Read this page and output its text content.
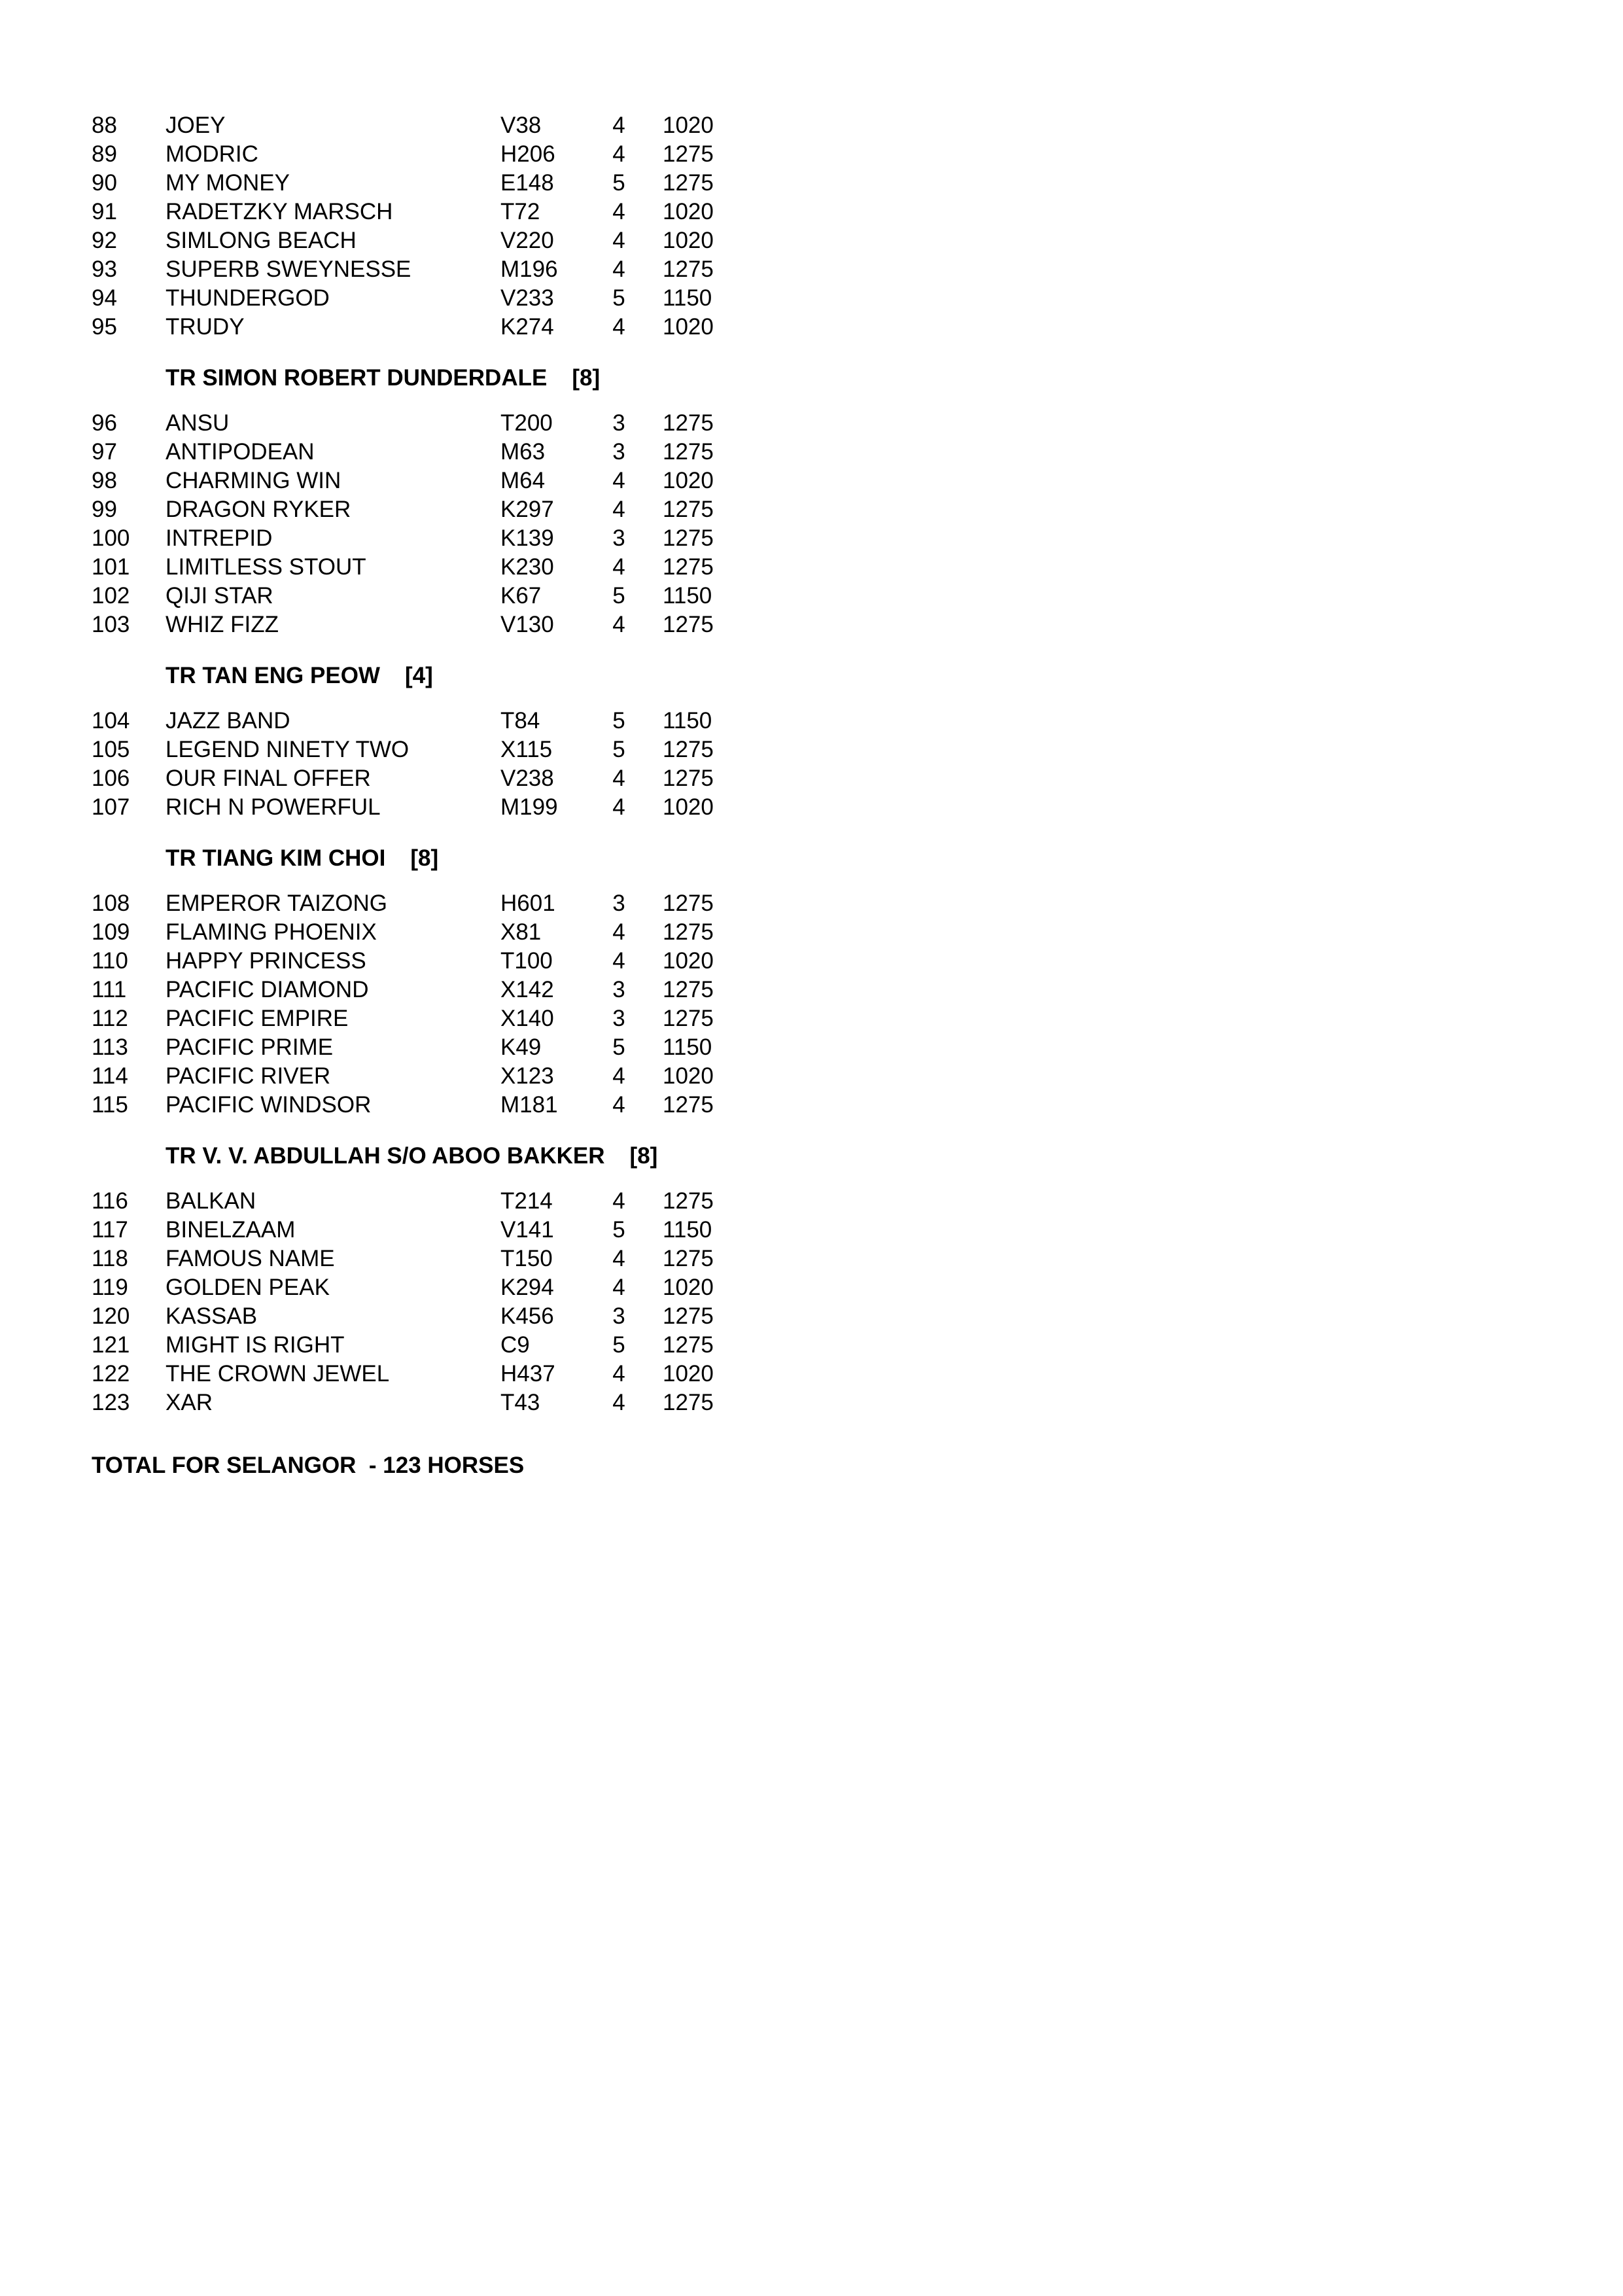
88 JOEY	V38	4	1020
89 MODRIC	H206	4	1275
90 MY MONEY	E148	5	1275
91 RADETZKY MARSCH	T72	4	1020
92 SIMLONG BEACH	V220	4	1020
93 SUPERB SWEYNESSE	M196	4	1275
94 THUNDERGOD	V233	5	1150
95 TRUDY	K274	4	1020
TR SIMON ROBERT DUNDERDALE [8]
96 ANSU	T200	3	1275
97 ANTIPODEAN	M63	3	1275
98 CHARMING WIN	M64	4	1020
99 DRAGON RYKER	K297	4	1275
100 INTREPID	K139	3	1275
101 LIMITLESS STOUT	K230	4	1275
102 QIJI STAR	K67	5	1150
103 WHIZ FIZZ	V130	4	1275
TR TAN ENG PEOW [4]
104 JAZZ BAND	T84	5	1150
105 LEGEND NINETY TWO	X115	5	1275
106 OUR FINAL OFFER	V238	4	1275
107 RICH N POWERFUL	M199	4	1020
TR TIANG KIM CHOI [8]
108 EMPEROR TAIZONG	H601	3	1275
109 FLAMING PHOENIX	X81	4	1275
110 HAPPY PRINCESS	T100	4	1020
111 PACIFIC DIAMOND	X142	3	1275
112 PACIFIC EMPIRE	X140	3	1275
113 PACIFIC PRIME	K49	5	1150
114 PACIFIC RIVER	X123	4	1020
115 PACIFIC WINDSOR	M181	4	1275
TR V. V. ABDULLAH S/O ABOO BAKKER [8]
116 BALKAN	T214	4	1275
117 BINELZAAM	V141	5	1150
118 FAMOUS NAME	T150	4	1275
119 GOLDEN PEAK	K294	4	1020
120 KASSAB	K456	3	1275
121 MIGHT IS RIGHT	C9	5	1275
122 THE CROWN JEWEL	H437	4	1020
123 XAR	T43	4	1275
TOTAL FOR SELANGOR  - 123 HORSES
